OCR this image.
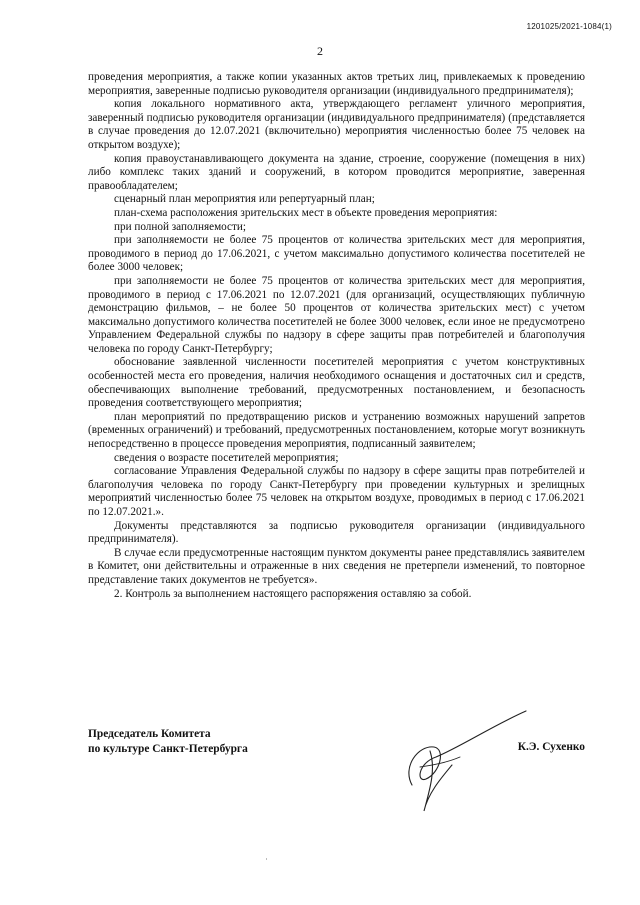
1201025/2021-1084(1)
2

проведения мероприятия, а также копии указанных актов третьих лиц, привлекаемых к проведению мероприятия, заверенные подписью руководителя организации (индивидуального предпринимателя);

копия локального нормативного акта, утверждающего регламент уличного мероприятия, заверенный подписью руководителя организации (индивидуального предпринимателя) (представляется в случае проведения до 12.07.2021 (включительно) мероприятия численностью более 75 человек на открытом воздухе);

копия правоустанавливающего документа на здание, строение, сооружение (помещения в них) либо комплекс таких зданий и сооружений, в котором проводится мероприятие, заверенная правообладателем;

сценарный план мероприятия или репертуарный план;

план-схема расположения зрительских мест в объекте проведения мероприятия:

при полной заполняемости;

при заполняемости не более 75 процентов от количества зрительских мест для мероприятия, проводимого в период до 17.06.2021, с учетом максимально допустимого количества посетителей не более 3000 человек;

при заполняемости не более 75 процентов от количества зрительских мест для мероприятия, проводимого в период с 17.06.2021 по 12.07.2021 (для организаций, осуществляющих публичную демонстрацию фильмов, – не более 50 процентов от количества зрительских мест) с учетом максимально допустимого количества посетителей не более 3000 человек, если иное не предусмотрено Управлением Федеральной службы по надзору в сфере защиты прав потребителей и благополучия человека по городу Санкт-Петербургу;

обоснование заявленной численности посетителей мероприятия с учетом конструктивных особенностей места его проведения, наличия необходимого оснащения и достаточных сил и средств, обеспечивающих выполнение требований, предусмотренных постановлением, и безопасность проведения соответствующего мероприятия;

план мероприятий по предотвращению рисков и устранению возможных нарушений запретов (временных ограничений) и требований, предусмотренных постановлением, которые могут возникнуть непосредственно в процессе проведения мероприятия, подписанный заявителем;

сведения о возрасте посетителей мероприятия;

согласование Управления Федеральной службы по надзору в сфере защиты прав потребителей и благополучия человека по городу Санкт-Петербургу при проведении культурных и зрелищных мероприятий численностью более 75 человек на открытом воздухе, проводимых в период с 17.06.2021 по 12.07.2021.».

Документы представляются за подписью руководителя организации (индивидуального предпринимателя).

В случае если предусмотренные настоящим пунктом документы ранее представлялись заявителем в Комитет, они действительны и отраженные в них сведения не претерпели изменений, то повторное представление таких документов не требуется».

2. Контроль за выполнением настоящего распоряжения оставляю за собой.

Председатель Комитета
по культуре Санкт-Петербурга	К.Э. Сухенко
